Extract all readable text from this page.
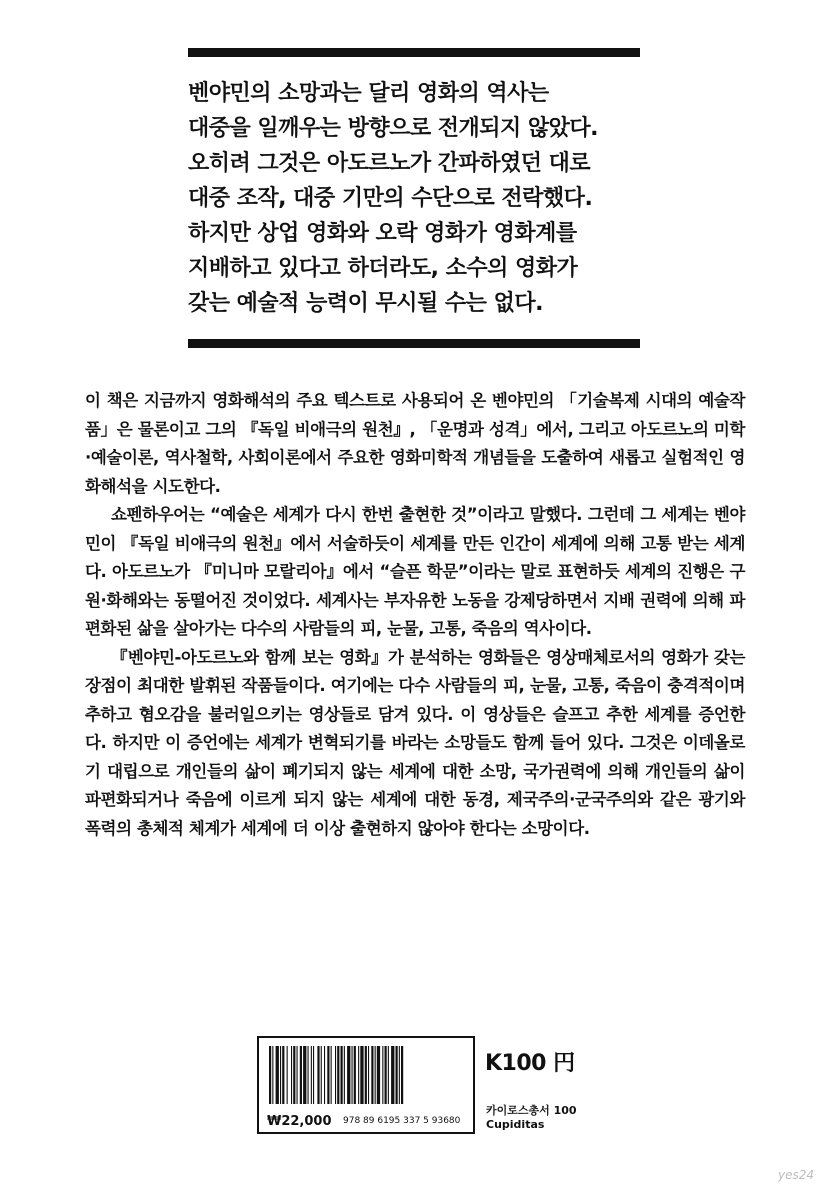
벤야민의 소망과는 달리 영화의 역사는
대중을 일깨우는 방향으로 전개되지 않았다.
오히려 그것은 아도르노가 간파하였던 대로
대중 조작, 대중 기만의 수단으로 전락했다.
하지만 상업 영화와 오락 영화가 영화계를
지배하고 있다고 하더라도, 소수의 영화가
갖는 예술적 능력이 무시될 수는 없다.

이 책은 지금까지 영화해석의 주요 텍스트로 사용되어 온 벤야민의 「기술복제 시대의 예술작품」은 물론이고 그의 『독일 비애극의 원천』, 「운명과 성격」에서, 그리고 아도르노의 미학·예술이론, 역사철학, 사회이론에서 주요한 영화미학적 개념들을 도출하여 새롭고 실험적인 영화해석을 시도한다.

쇼펜하우어는 “예술은 세계가 다시 한번 출현한 것”이라고 말했다. 그런데 그 세계는 벤야민이 『독일 비애극의 원천』에서 서술하듯이 세계를 만든 인간이 세계에 의해 고통 받는 세계다. 아도르노가 『미니마 모랄리아』에서 “슬픈 학문”이라는 말로 표현하듯 세계의 진행은 구원·화해와는 동떨어진 것이었다. 세계사는 부자유한 노동을 강제당하면서 지배 권력에 의해 파편화된 삶을 살아가는 다수의 사람들의 피, 눈물, 고통, 죽음의 역사이다.

『벤야민-아도르노와 함께 보는 영화』가 분석하는 영화들은 영상매체로서의 영화가 갖는 장점이 최대한 발휘된 작품들이다. 여기에는 다수 사람들의 피, 눈물, 고통, 죽음이 충격적이며 추하고 혐오감을 불러일으키는 영상들로 담겨 있다. 이 영상들은 슬프고 추한 세계를 증언한다. 하지만 이 증언에는 세계가 변혁되기를 바라는 소망들도 함께 들어 있다. 그것은 이데올로기 대립으로 개인들의 삶이 폐기되지 않는 세계에 대한 소망, 국가권력에 의해 개인들의 삶이 파편화되거나 죽음에 이르게 되지 않는 세계에 대한 동경, 제국주의·군국주의와 같은 광기와 폭력의 총체적 체계가 세계에 더 이상 출현하지 않아야 한다는 소망이다.

₩22,000 978 89 6195 337 5 93680
K100 円
카이로스총서 100
Cupiditas
yes24
